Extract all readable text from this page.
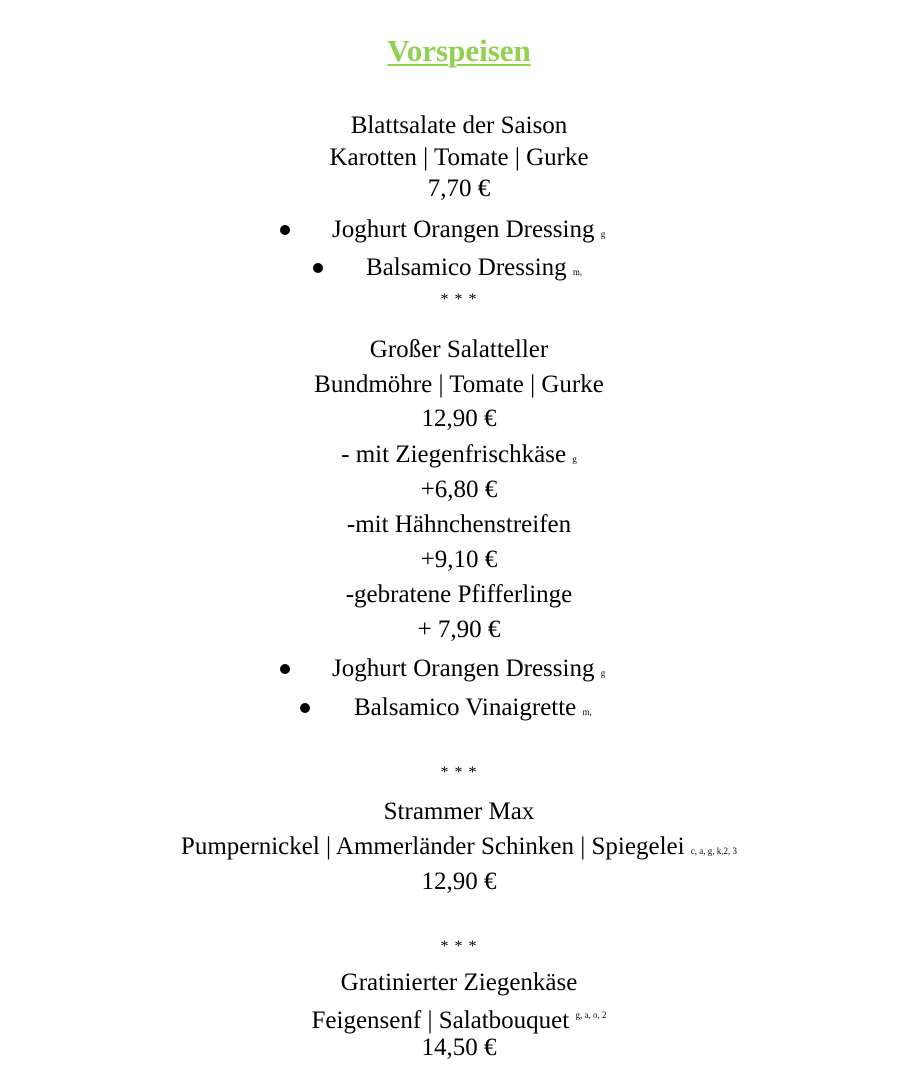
Vorspeisen
Blattsalate der Saison
Karotten | Tomate | Gurke
7,70 €
Joghurt Orangen Dressing g
Balsamico Dressing m,
* * *
Großer Salatteller
Bundmöhre | Tomate | Gurke
12,90 €
- mit Ziegenfrischkäse g
+6,80 €
-mit Hähnchenstreifen
+9,10 €
-gebratene Pfifferlinge
+ 7,90 €
Joghurt Orangen Dressing g
Balsamico Vinaigrette m,
* * *
Strammer Max
Pumpernickel | Ammerländer Schinken | Spiegelei c, a, g, k,2, 3
12,90 €
* * *
Gratinierter Ziegenkäse
Feigensenf | Salatbouquet $^{g, a, o, 2}$
14,50 €
